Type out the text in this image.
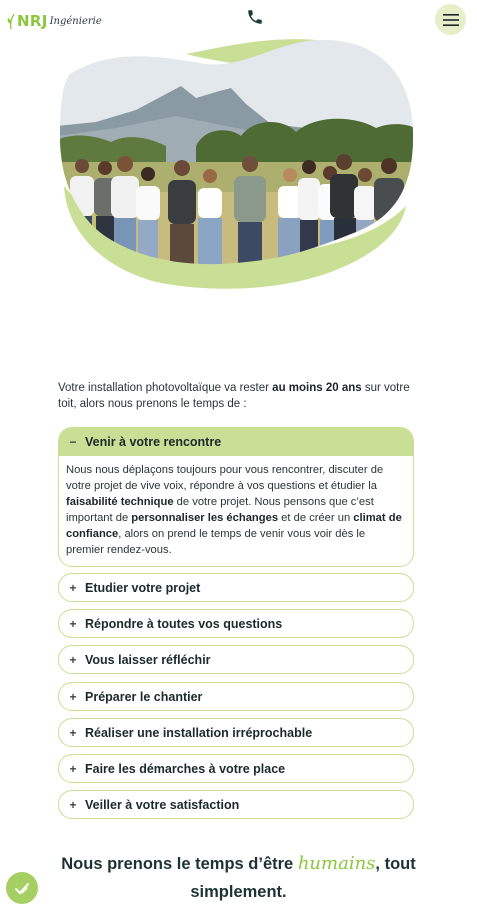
NRJ Ingénierie
Votre installation photovoltaïque va rester au moins 20 ans sur votre toit, alors nous prenons le temps de :
− Venir à votre rencontre
Nous nous déplaçons toujours pour vous rencontrer, discuter de votre projet de vive voix, répondre à vos questions et étudier la faisabilité technique de votre projet. Nous pensons que c’est important de personnaliser les échanges et de créer un climat de confiance, alors on prend le temps de venir vous voir dès le premier rendez-vous.
+ Etudier votre projet
+ Répondre à toutes vos questions
+ Vous laisser réfléchir
+ Préparer le chantier
+ Réaliser une installation irréprochable
+ Faire les démarches à votre place
+ Veiller à votre satisfaction
Nous prenons le temps d’être humains, tout simplement.
